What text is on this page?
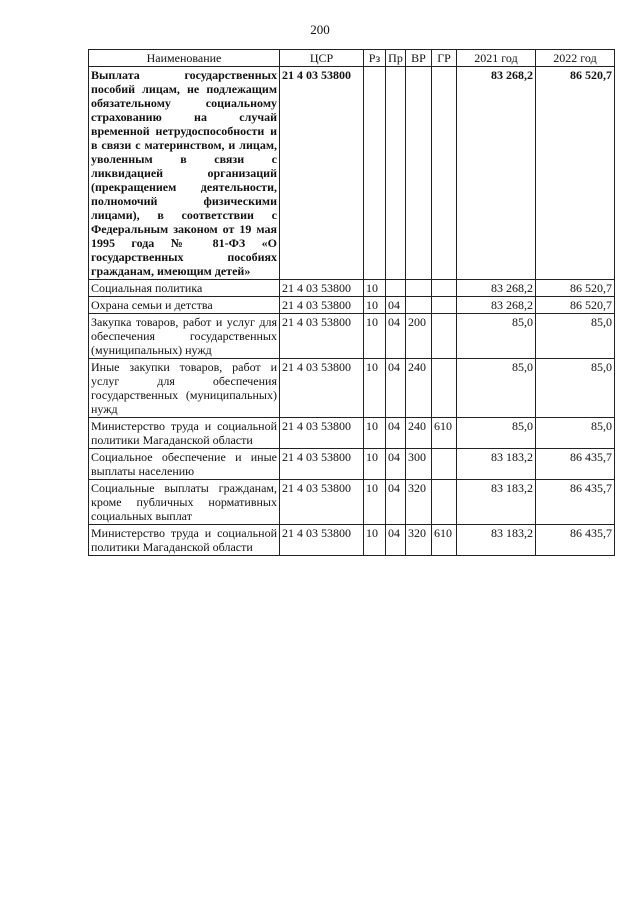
200
Наименование	ЦСР	Рз	Пр	ВР	ГР	2021 год	2022 год
Выплата государственных пособий лицам, не подлежащим обязательному социальному страхованию на случай временной нетрудоспособности и в связи с материнством, и лицам, уволенным в связи с ликвидацией организаций (прекращением деятельности, полномочий физическими лицами), в соответствии с Федеральным законом от 19 мая 1995 года № 81-ФЗ «О государственных пособиях гражданам, имеющим детей»	21 4 03 53800					83 268,2	86 520,7
Социальная политика	21 4 03 53800	10				83 268,2	86 520,7
Охрана семьи и детства	21 4 03 53800	10	04			83 268,2	86 520,7
Закупка товаров, работ и услуг для обеспечения государственных (муниципальных) нужд	21 4 03 53800	10	04	200		85,0	85,0
Иные закупки товаров, работ и услуг для обеспечения государственных (муниципальных) нужд	21 4 03 53800	10	04	240		85,0	85,0
Министерство труда и социальной политики Магаданской области	21 4 03 53800	10	04	240	610	85,0	85,0
Социальное обеспечение и иные выплаты населению	21 4 03 53800	10	04	300		83 183,2	86 435,7
Социальные выплаты гражданам, кроме публичных нормативных социальных выплат	21 4 03 53800	10	04	320		83 183,2	86 435,7
Министерство труда и социальной политики Магаданской области	21 4 03 53800	10	04	320	610	83 183,2	86 435,7
